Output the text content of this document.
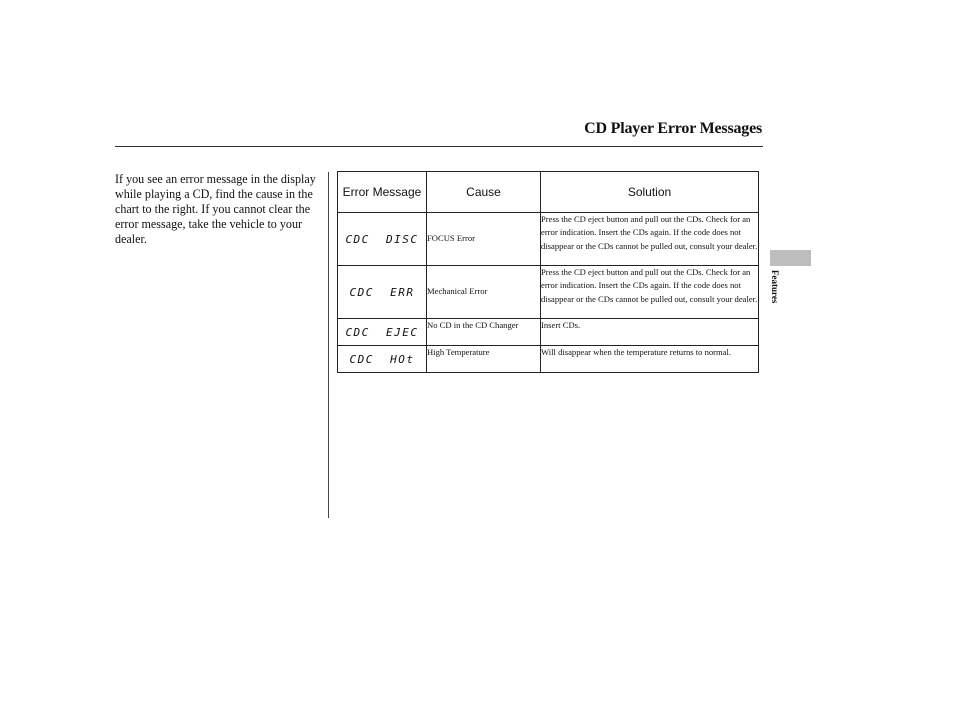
CD Player Error Messages
If you see an error message in the display while playing a CD, find the cause in the chart to the right. If you cannot clear the error message, take the vehicle to your dealer.
Features
Error Message	Cause	Solution
CDC  DISC	FOCUS Error	Press the CD eject button and pull out the CDs. Check for an error indication. Insert the CDs again. If the code does not disappear or the CDs cannot be pulled out, consult your dealer.
CDC  ERR	Mechanical Error	Press the CD eject button and pull out the CDs. Check for an error indication. Insert the CDs again. If the code does not disappear or the CDs cannot be pulled out, consult your dealer.
CDC  EJEC	No CD in the CD Changer	Insert CDs.
CDC  HOt	High Temperature	Will disappear when the temperature returns to normal.
